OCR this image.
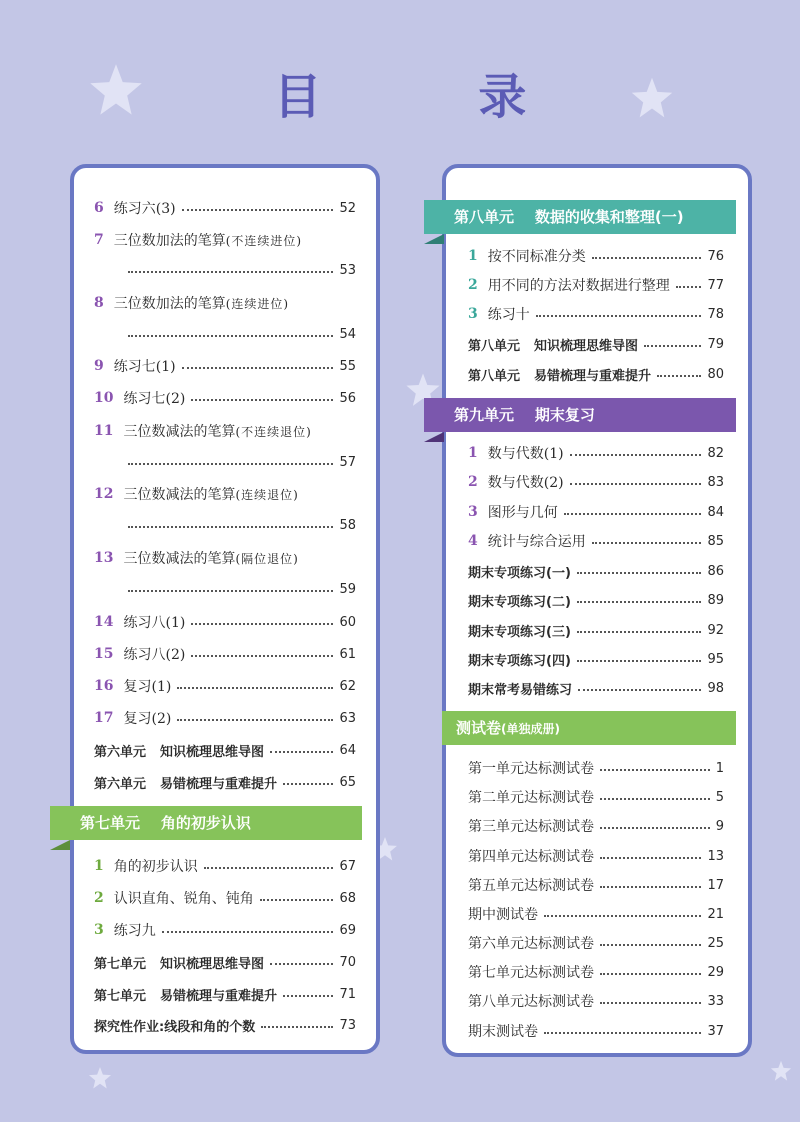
目 录
6 练习六(3)	52
7 三位数加法的笔算 (不连续进位)
53
8 三位数加法的笔算 (连续进位)
54
9 练习七(1)	55
10 练习七(2)	56
11 三位数减法的笔算 (不连续退位)
57
12 三位数减法的笔算 (连续退位)
58
13 三位数减法的笔算 (隔位退位)
59
14 练习八(1)	60
15 练习八(2)	61
16 复习(1)	62
17 复习(2)	63
第六单元 知识梳理思维导图	64
第六单元 易错梳理与重难提升	65
第七单元 角的初步认识
1 角的初步认识	67
2 认识直角、锐角、钝角	68
3 练习九	69
第七单元 知识梳理思维导图	70
第七单元 易错梳理与重难提升	71
探究性作业:线段和角的个数	73
第八单元 数据的收集和整理(一)
1 按不同标准分类	76
2 用不同的方法对数据进行整理	77
3 练习十	78
第八单元 知识梳理思维导图	79
第八单元 易错梳理与重难提升	80
第九单元 期末复习
1 数与代数(1)	82
2 数与代数(2)	83
3 图形与几何	84
4 统计与综合运用	85
期末专项练习(一)	86
期末专项练习(二)	89
期末专项练习(三)	92
期末专项练习(四)	95
期末常考易错练习	98
测试卷(单独成册)
第一单元达标测试卷	1
第二单元达标测试卷	5
第三单元达标测试卷	9
第四单元达标测试卷	13
第五单元达标测试卷	17
期中测试卷	21
第六单元达标测试卷	25
第七单元达标测试卷	29
第八单元达标测试卷	33
期末测试卷	37
